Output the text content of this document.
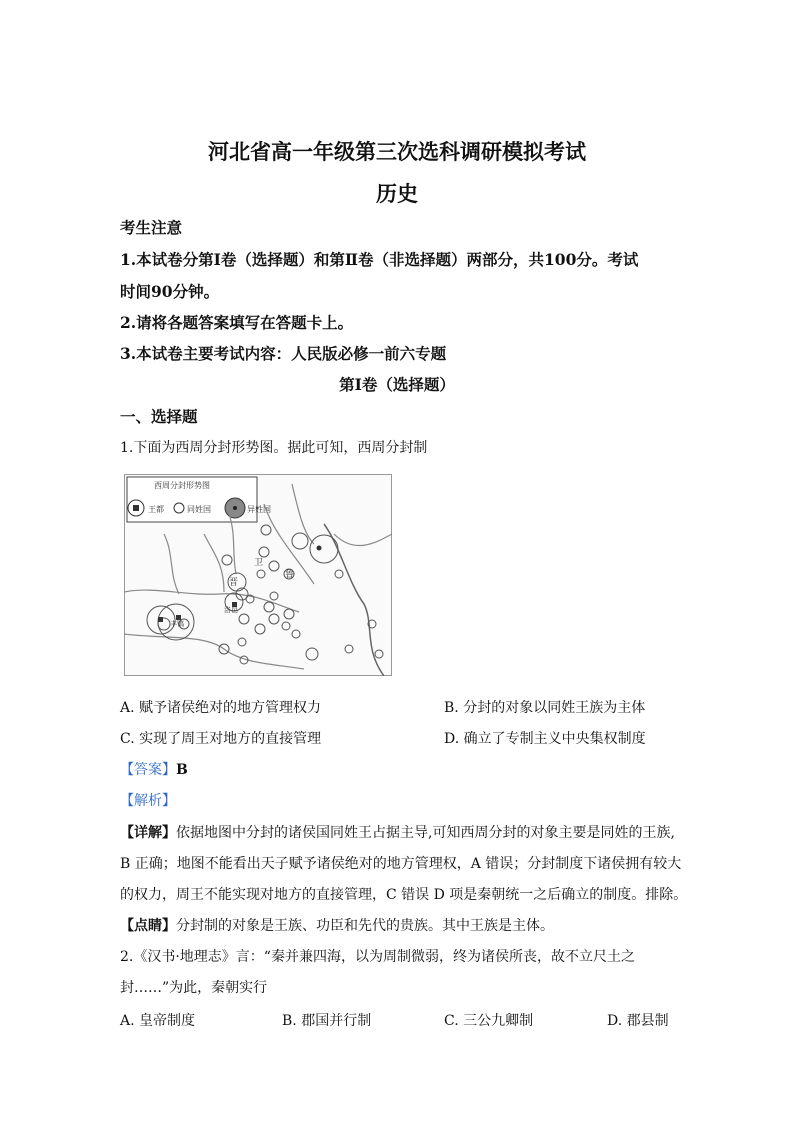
河北省高一年级第三次选科调研模拟考试
历史
考生注意
1.本试卷分第Ⅰ卷（选择题）和第Ⅱ卷（非选择题）两部分，共100分。考试
时间90分钟。
2.请将各题答案填写在答题卡上。
3.本试卷主要考试内容：人民版必修一前六专题
第Ⅰ卷（选择题）
一、选择题
1.下面为西周分封形势图。据此可知，西周分封制
西周分封形势图
王都	同姓国	异姓国
卫
鲁
晋
丰镐
洛邑
A. 赋予诸侯绝对的地方管理权力	B. 分封的对象以同姓王族为主体
C. 实现了周王对地方的直接管理	D. 确立了专制主义中央集权制度
【答案】B
【解析】
【详解】依据地图中分封的诸侯国同姓王占据主导,可知西周分封的对象主要是同姓的王族,
B 正确；地图不能看出天子赋予诸侯绝对的地方管理权，A 错误；分封制度下诸侯拥有较大
的权力，周王不能实现对地方的直接管理，C 错误 D 项是秦朝统一之后确立的制度。排除。
【点睛】分封制的对象是王族、功臣和先代的贵族。其中王族是主体。
2.《汉书·地理志》言：“秦并兼四海，以为周制微弱，终为诸侯所丧，故不立尺土之
封……”为此，秦朝实行
A. 皇帝制度	B. 郡国并行制	C. 三公九卿制	D. 郡县制
